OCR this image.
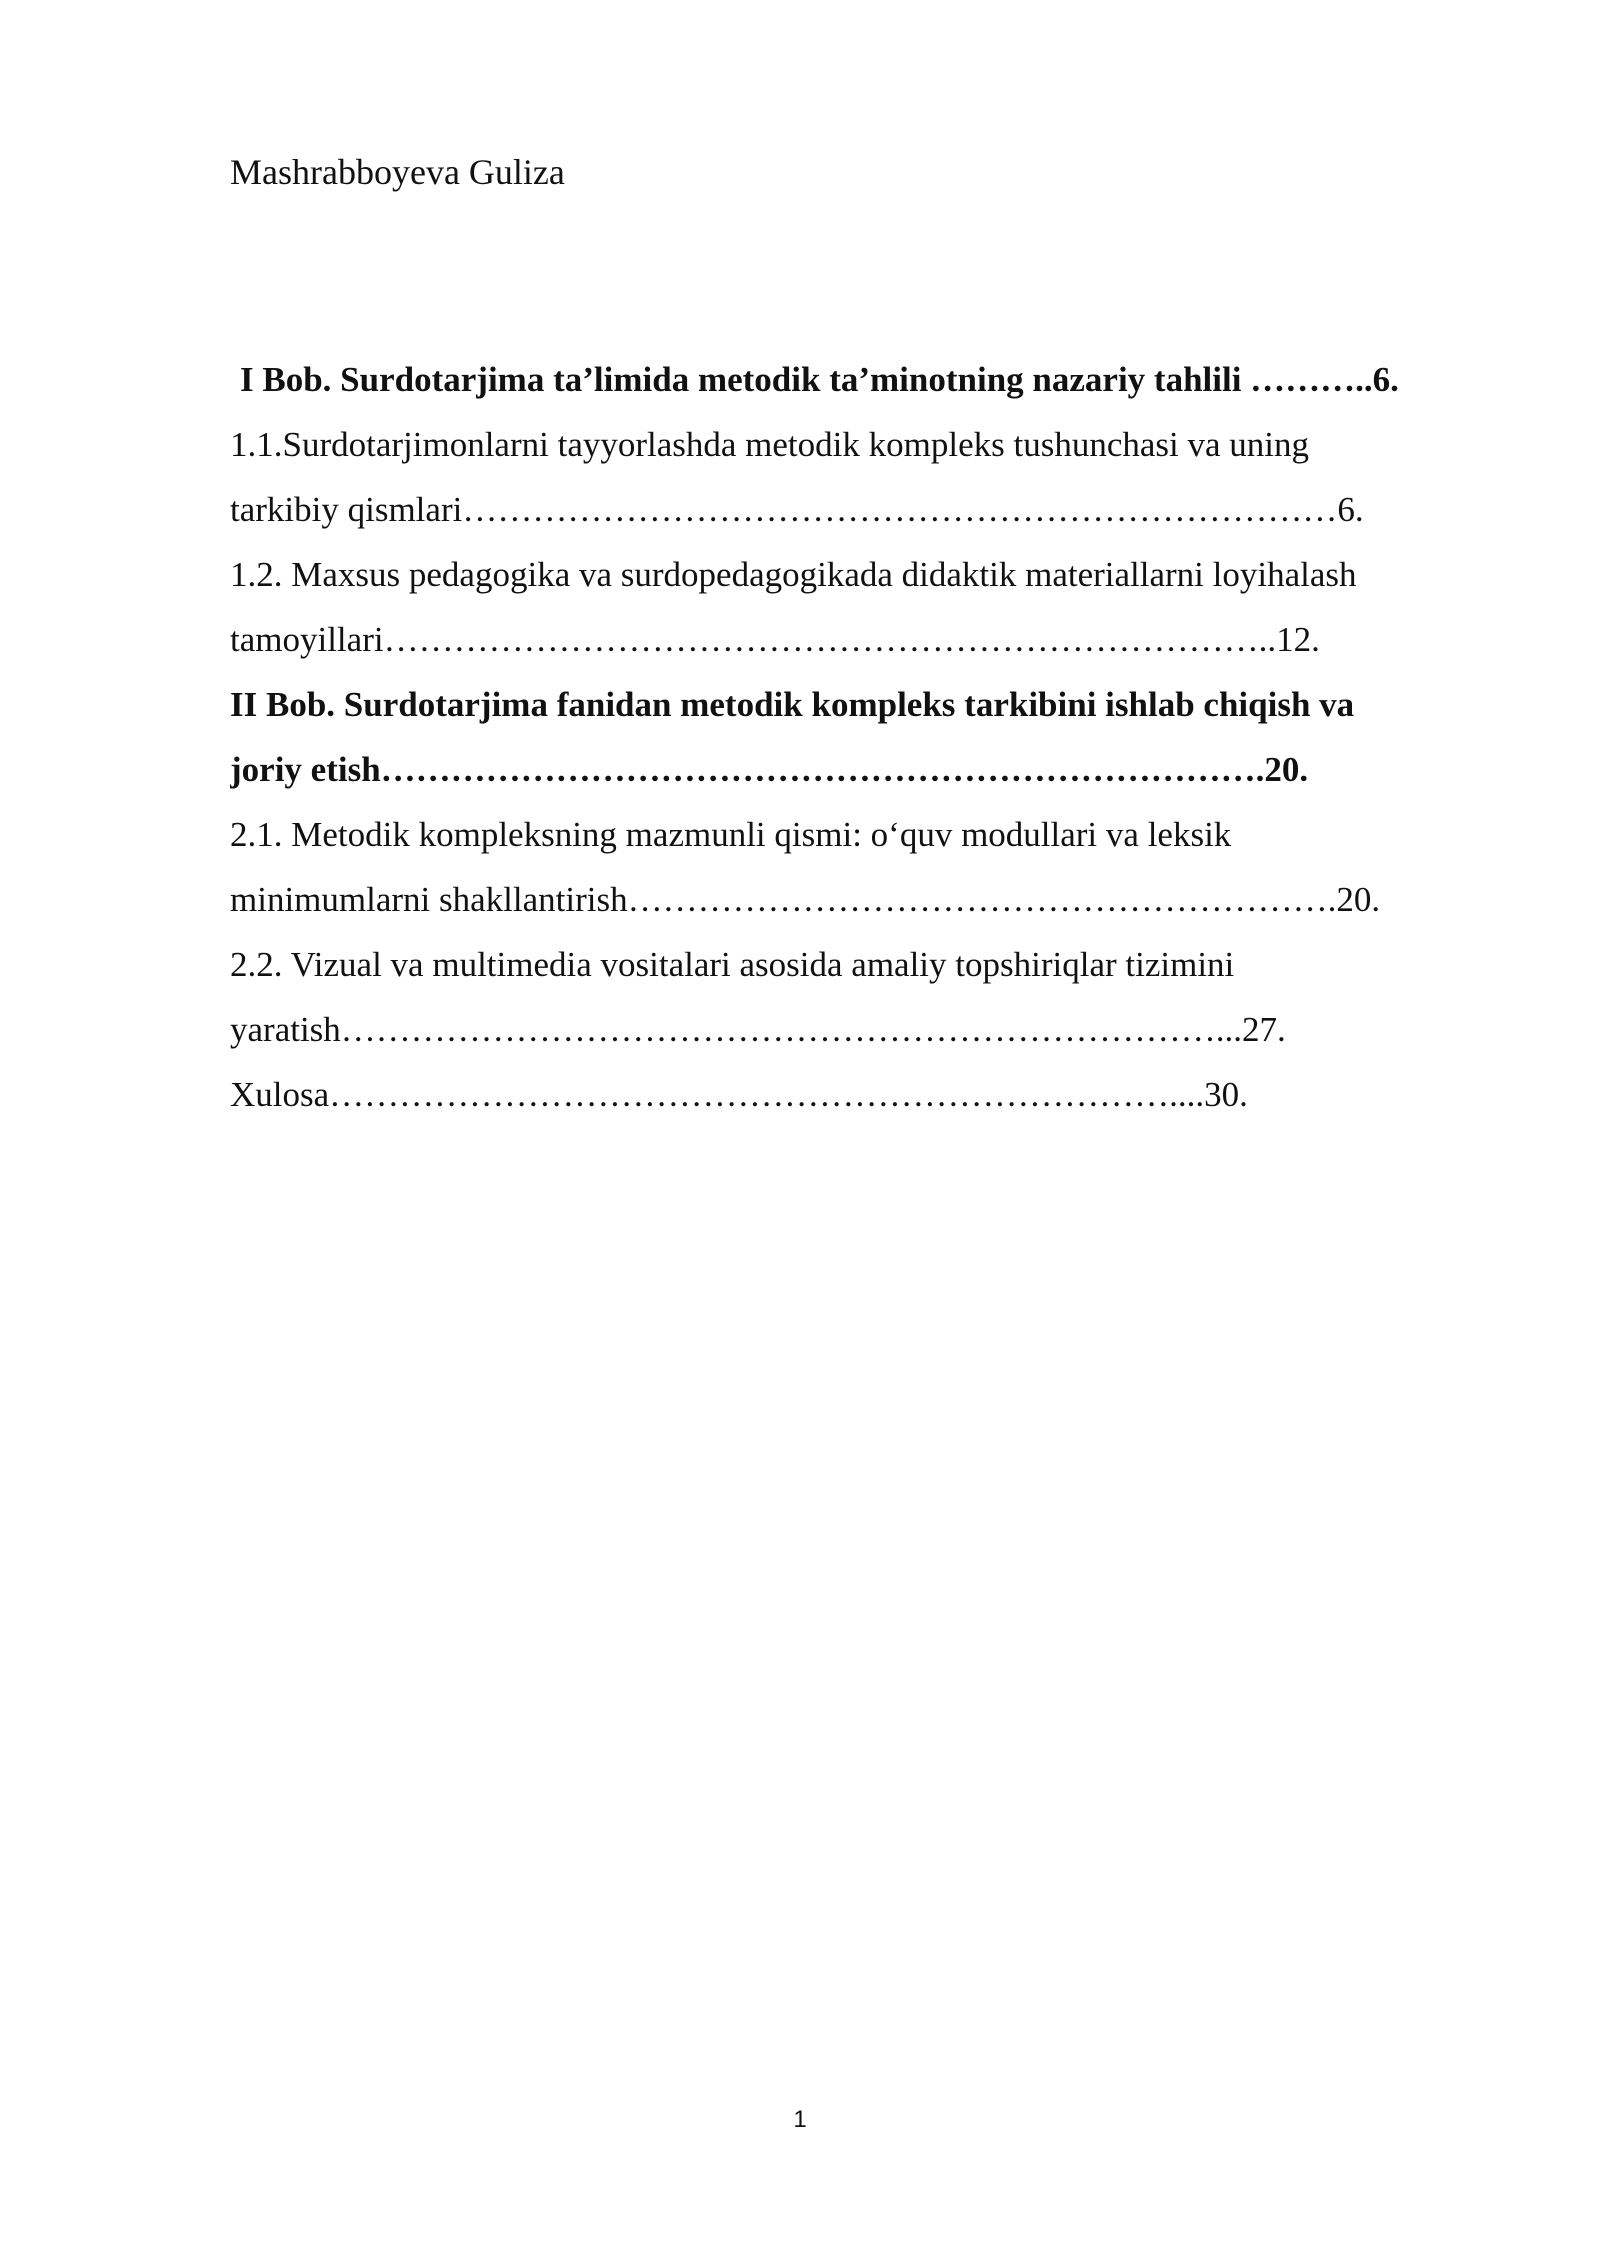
Mashrabboyeva Guliza
I Bob. Surdotarjima ta’limida metodik ta’minotning nazariy tahlili ………..6.
1.1.Surdotarjimonlarni tayyorlashda metodik kompleks tushunchasi va uning
tarkibiy qismlari…………………………………………………………………6.
1.2. Maxsus pedagogika va surdopedagogikada didaktik materiallarni loyihalash
tamoyillari…………………………………………………………………..12.
II Bob. Surdotarjima fanidan metodik kompleks tarkibini ishlab chiqish va
joriy etish………………………………………………………………….20.
2.1. Metodik kompleksning mazmunli qismi: o‘quv modullari va leksik
minimumlarni shakllantirish…………………………………………………….20.
2.2. Vizual va multimedia vositalari asosida amaliy topshiriqlar tizimini
yaratish…………………………………………………………………...27.
Xulosa………………………………………………………………....30.
1
